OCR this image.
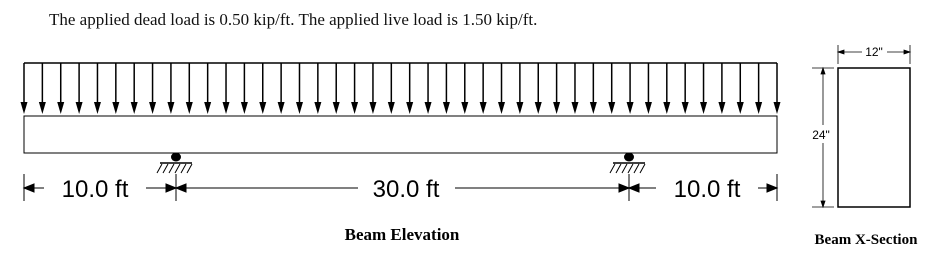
The applied dead load is 0.50 kip/ft. The applied live load is 1.50 kip/ft.
10.0 ft	30.0 ft	10.0 ft
Beam Elevation
12"
24"
Beam X-Section
